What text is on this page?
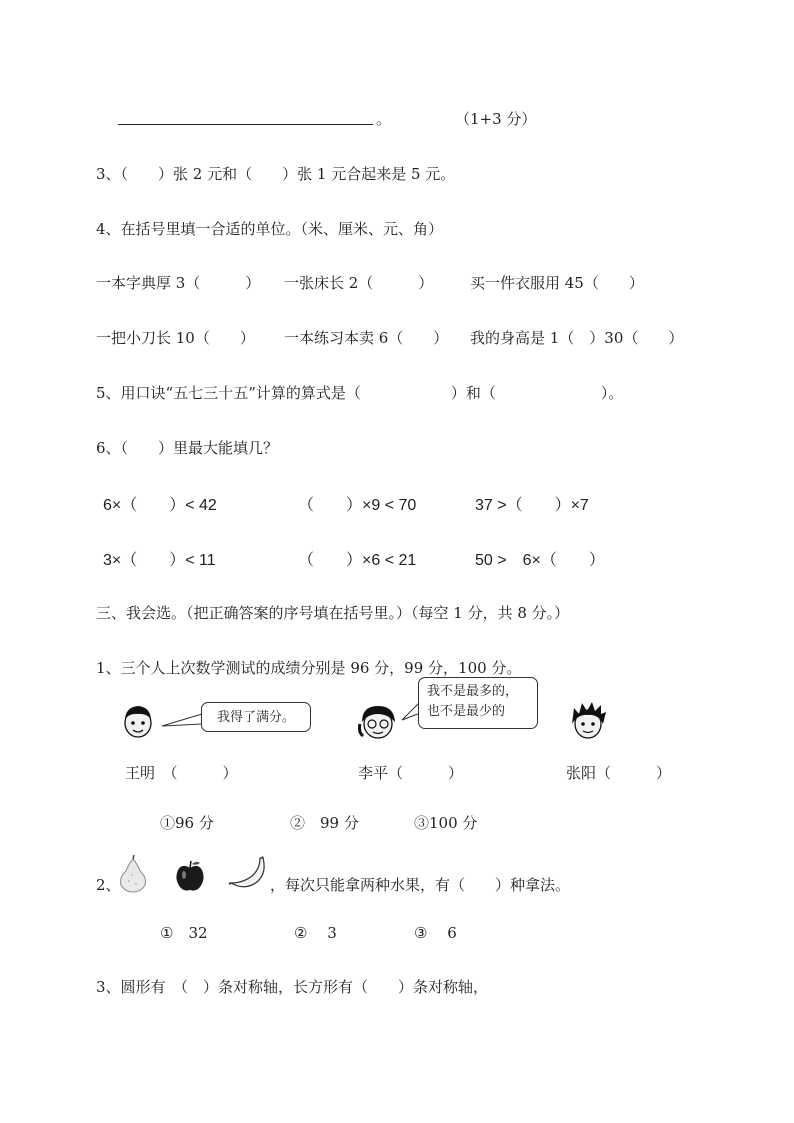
。	（1+3 分）
3、（　　）张 2 元和（　　）张 1 元合起来是 5 元。
4、在括号里填一合适的单位。（米、厘米、元、角）
一本字典厚 3（　　　） 一张床长 2（　　　） 买一件衣服用 45（　　）
一把小刀长 10（　　） 一本练习本卖 6（　　） 我的身高是 1（　）30（　　）
5、用口诀“五七三十五”计算的算式是（　　　　　　）和（　　　　　　　）。
6、（　　）里最大能填几？
6×（　　）< 42	（　　）×9 < 70	37 >（　　）×7
3×（　　）< 11	（　　）×6 < 21	50 >　6×（　　）
三、我会选。（把正确答案的序号填在括号里。）（每空 1 分，共 8 分。）
1、三个人上次数学测试的成绩分别是 96 分，99 分，100 分。
我得了满分。
我不是最多的，
也不是最少的
王明　（　　　）	李平（　　　）	张阳（　　　）
①96 分	②　99 分	③100 分
2、	，每次只能拿两种水果，有（　　）种拿法。
①　32	②　 3	③　 6
3、圆形有　（　）条对称轴，长方形有（　　）条对称轴，
